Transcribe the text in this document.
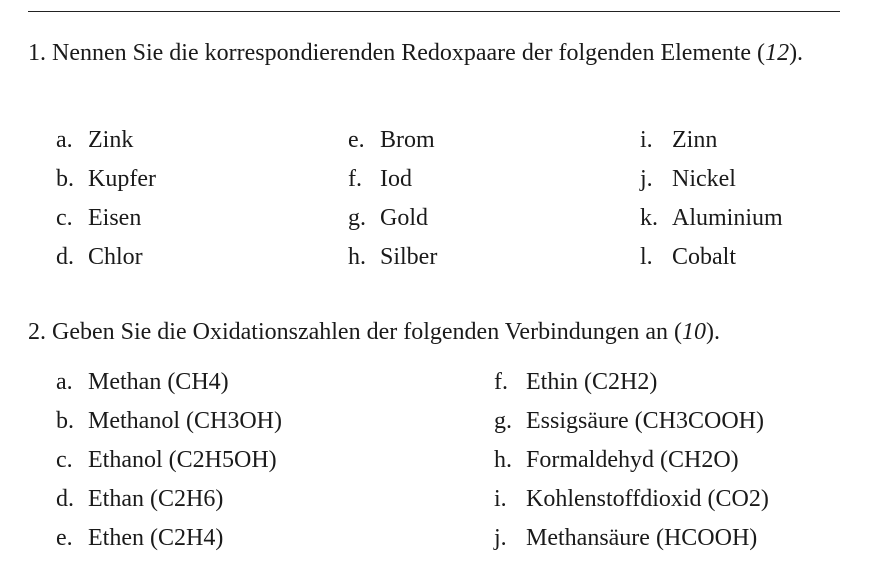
1. Nennen Sie die korrespondierenden Redoxpaare der folgenden Elemente (12).

a. Zink
b. Kupfer
c. Eisen
d. Chlor
e. Brom
f. Iod
g. Gold
h. Silber
i. Zinn
j. Nickel
k. Aluminium
l. Cobalt

2. Geben Sie die Oxidationszahlen der folgenden Verbindungen an (10).

a. Methan (CH4)
b. Methanol (CH3OH)
c. Ethanol (C2H5OH)
d. Ethan (C2H6)
e. Ethen (C2H4)
f. Ethin (C2H2)
g. Essigsäure (CH3COOH)
h. Formaldehyd (CH2O)
i. Kohlenstoffdioxid (CO2)
j. Methansäure (HCOOH)
